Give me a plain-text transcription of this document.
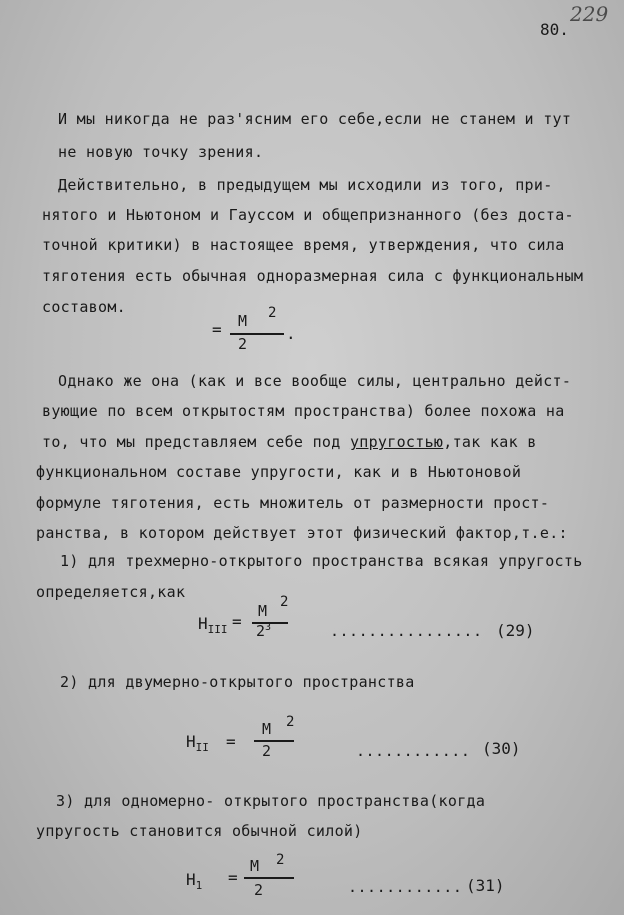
80.
229
И мы никогда не раз'ясним его себе,если не станем и тут
не новую точку зрения.
Действительно, в предыдущем мы исходили из того, при-
нятого и Ньютоном и Гауссом и общепризнанного (без доста-
точной критики) в настоящее время, утверждения, что сила
тяготения есть обычная одноразмерная сила с функциональным
составом.
= M
2
2
.
Однако же она (как и все вообще силы, центрально дейст-
вующие по всем открытостям пространства) более похожа на
то, что мы представляем себе под упругостью,так как в
функциональном составе упругости, как и в Ньютоновой
формуле тяготения, есть множитель от размерности прост-
ранства, в котором действует этот физический фактор,т.е.:
1) для трехмерно-открытого пространства всякая упругость
определяется,как
$H_{III}$ =
M
$2^3$
2
................ (29)
2) для двумерно-открытого пространства
$H_{II}$ =
M
2
2
............ (30)
3) для одномерно- открытого пространства(когда
упругость становится обычной силой)
$H_1$ =
M
2
2
............ (31)
